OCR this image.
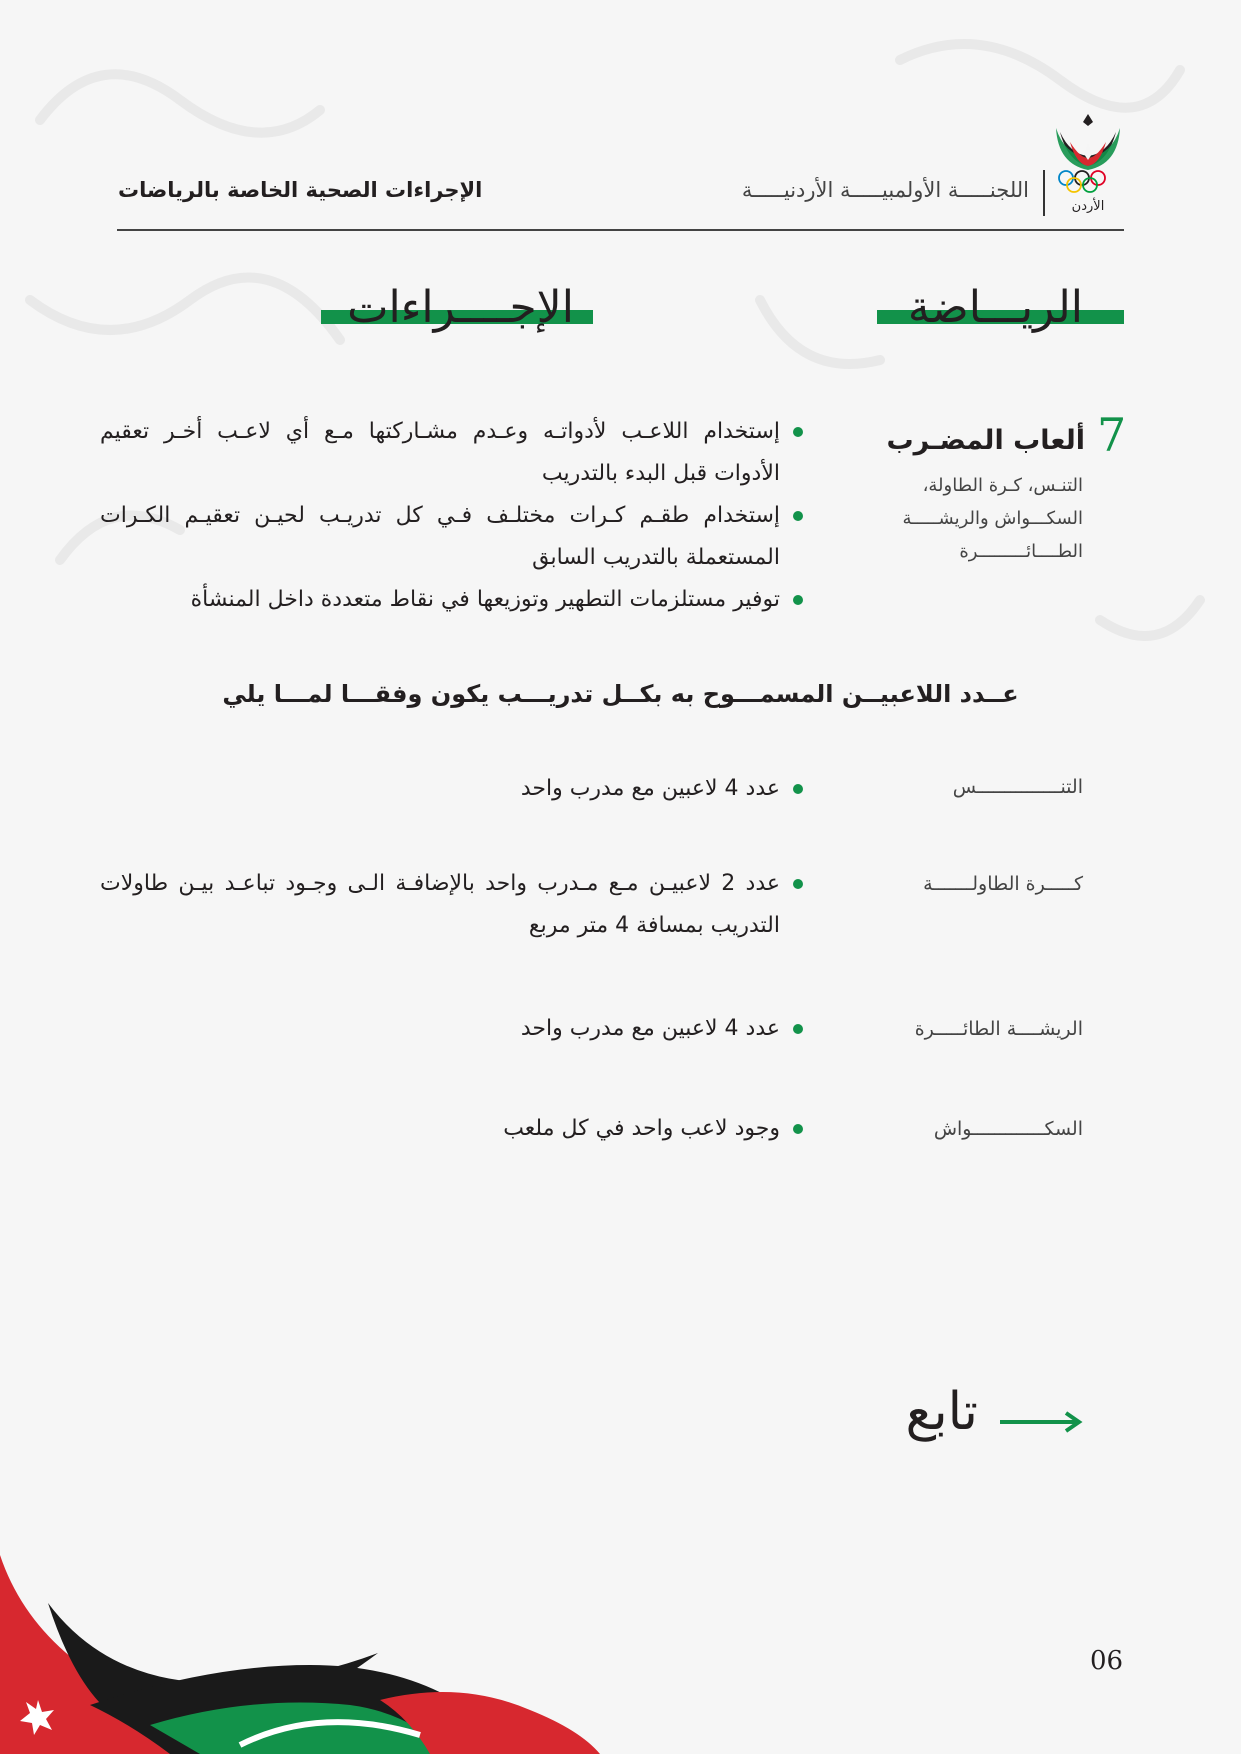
الأردن
اللجنـــــة الأولمبيـــــة الأردنيـــــة
الإجراءات الصحية الخاصة بالرياضات
الريـــاضة
الإجــــراءات
7
ألعاب المضـرب
التنـس، كـرة الطاولة،
السكـــواش والريشـــــة
الطــــائـــــــــرة
إستخدام اللاعـب لأدواتـه وعـدم مشـاركتها مـع أي لاعـب أخـر تعقيم الأدوات قبل البدء بالتدريب
إستخدام طقـم كـرات مختلـف فـي كل تدريـب لحيـن تعقيـم الكـرات المستعملة بالتدريب السابق
توفير مستلزمات التطهير وتوزيعها في نقاط متعددة داخل المنشأة
عــدد اللاعبيــن المسمـــوح به بكــل تدريـــب يكون وفقـــا لمـــا يلي
التنـــــــــــــــس
عدد 4 لاعبين مع مدرب واحد
كـــــرة الطاولـــــــة
عدد 2 لاعبيـن مـع مـدرب واحد بالإضافـة الـى وجـود تباعـد بيـن طاولات التدريب بمسافة 4 متر مربع
الريشــــة الطائـــــرة
عدد 4 لاعبين مع مدرب واحد
السكـــــــــــــواش
وجود لاعب واحد في كل ملعب
تابع
06
